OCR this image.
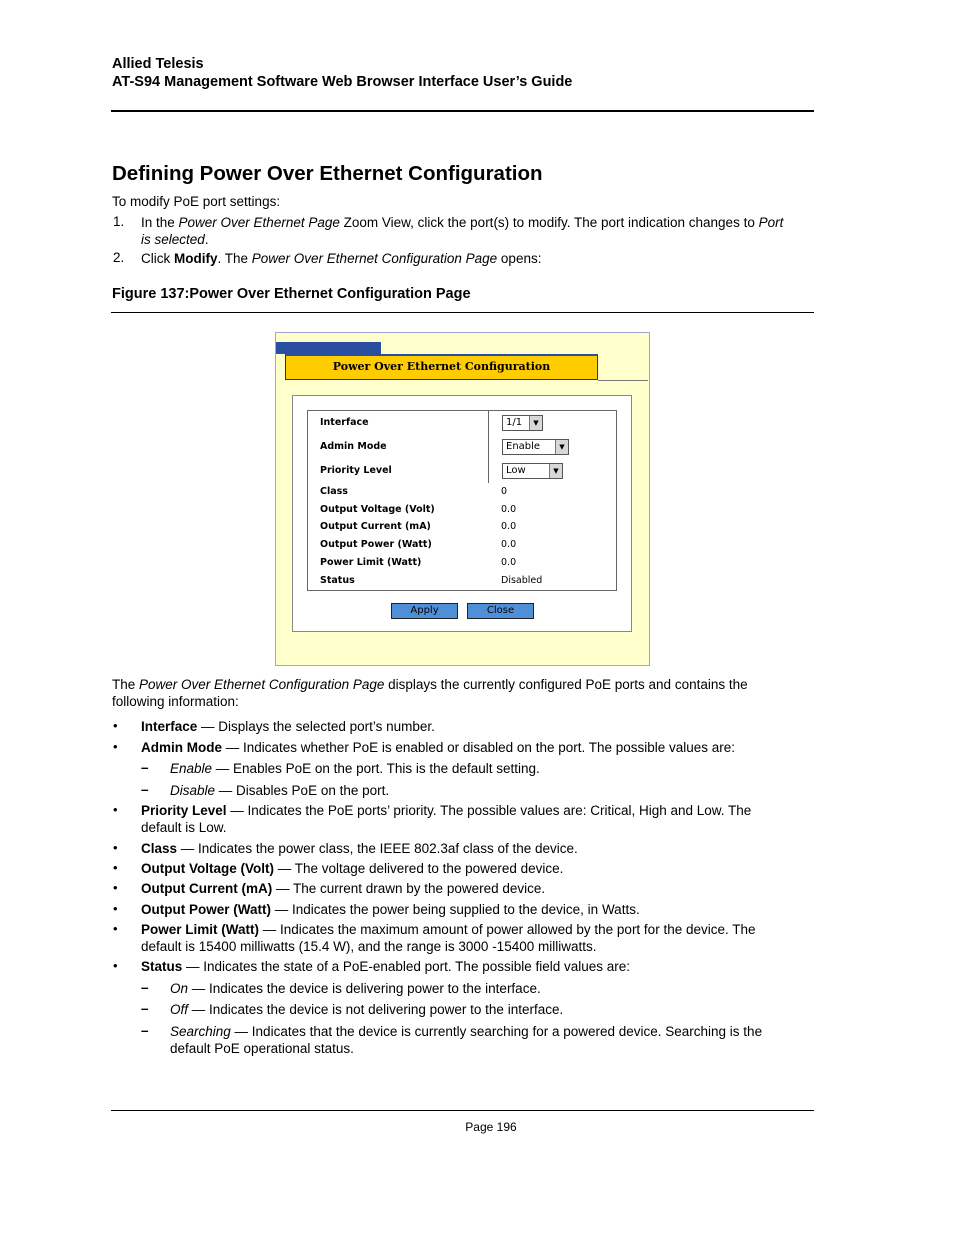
Allied Telesis
AT-S94 Management Software Web Browser Interface User’s Guide
Defining Power Over Ethernet Configuration
To modify PoE port settings:
1. In the Power Over Ethernet Page Zoom View, click the port(s) to modify. The port indication changes to Port
is selected.
2. Click Modify. The Power Over Ethernet Configuration Page opens:
Figure 137:Power Over Ethernet Configuration Page
Power Over Ethernet Configuration
Interface	1/1	▼
Admin Mode	Enable	▼
Priority Level	Low	▼
Class	0
Output Voltage (Volt)	0.0
Output Current (mA)	0.0
Output Power (Watt)	0.0
Power Limit (Watt)	0.0
Status	Disabled
Apply	Close
The Power Over Ethernet Configuration Page displays the currently configured PoE ports and contains the
following information:
• Interface — Displays the selected port’s number.
• Admin Mode — Indicates whether PoE is enabled or disabled on the port. The possible values are:
– Enable — Enables PoE on the port. This is the default setting.
– Disable — Disables PoE on the port.
• Priority Level — Indicates the PoE ports’ priority. The possible values are: Critical, High and Low. The
default is Low.
• Class — Indicates the power class, the IEEE 802.3af class of the device.
• Output Voltage (Volt) — The voltage delivered to the powered device.
• Output Current (mA) — The current drawn by the powered device.
• Output Power (Watt) — Indicates the power being supplied to the device, in Watts.
• Power Limit (Watt) — Indicates the maximum amount of power allowed by the port for the device. The
default is 15400 milliwatts (15.4 W), and the range is 3000 -15400 milliwatts.
• Status — Indicates the state of a PoE-enabled port. The possible field values are:
– On — Indicates the device is delivering power to the interface.
– Off — Indicates the device is not delivering power to the interface.
– Searching — Indicates that the device is currently searching for a powered device. Searching is the
default PoE operational status.
Page 196
